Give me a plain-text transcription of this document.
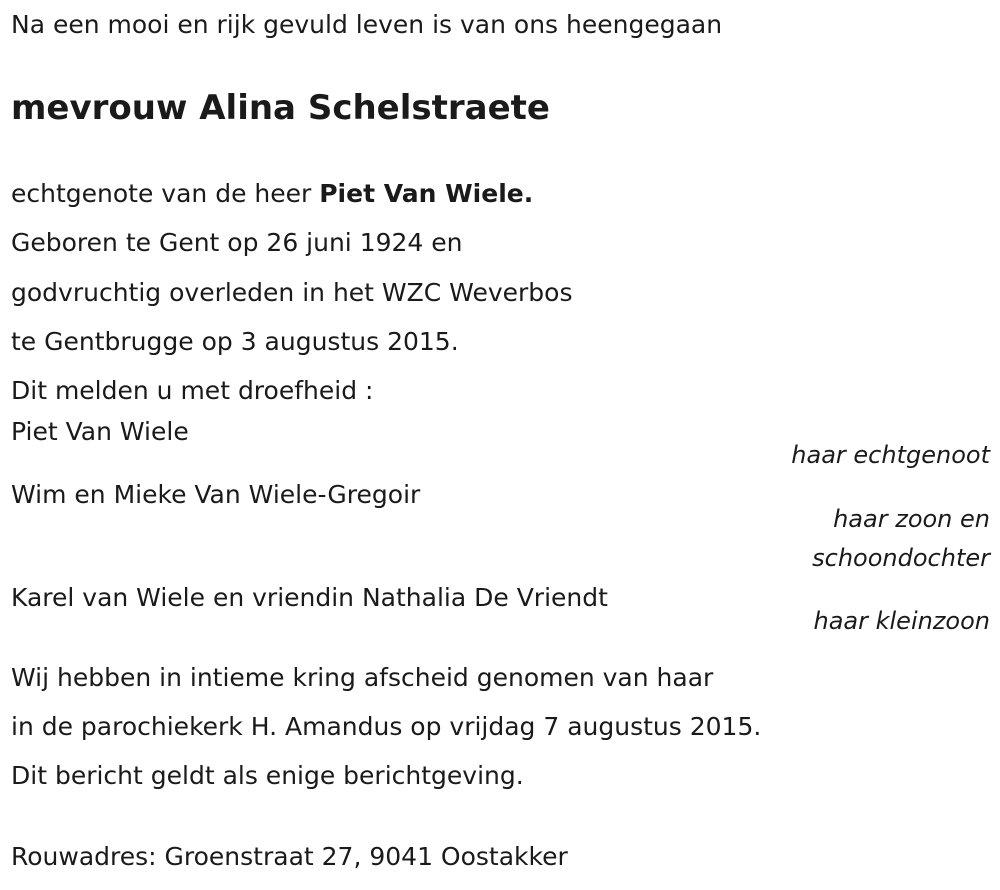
Na een mooi en rijk gevuld leven is van ons heengegaan
mevrouw Alina Schelstraete
echtgenote van de heer Piet Van Wiele.
Geboren te Gent op 26 juni 1924 en
godvruchtig overleden in het WZC Weverbos
te Gentbrugge op 3 augustus 2015.
Dit melden u met droefheid :
Piet Van Wiele
haar echtgenoot
Wim en Mieke Van Wiele-Gregoir
haar zoon en
schoondochter
Karel van Wiele en vriendin Nathalia De Vriendt
haar kleinzoon
Wij hebben in intieme kring afscheid genomen van haar
in de parochiekerk H. Amandus op vrijdag 7 augustus 2015.
Dit bericht geldt als enige berichtgeving.
Rouwadres: Groenstraat 27, 9041 Oostakker
